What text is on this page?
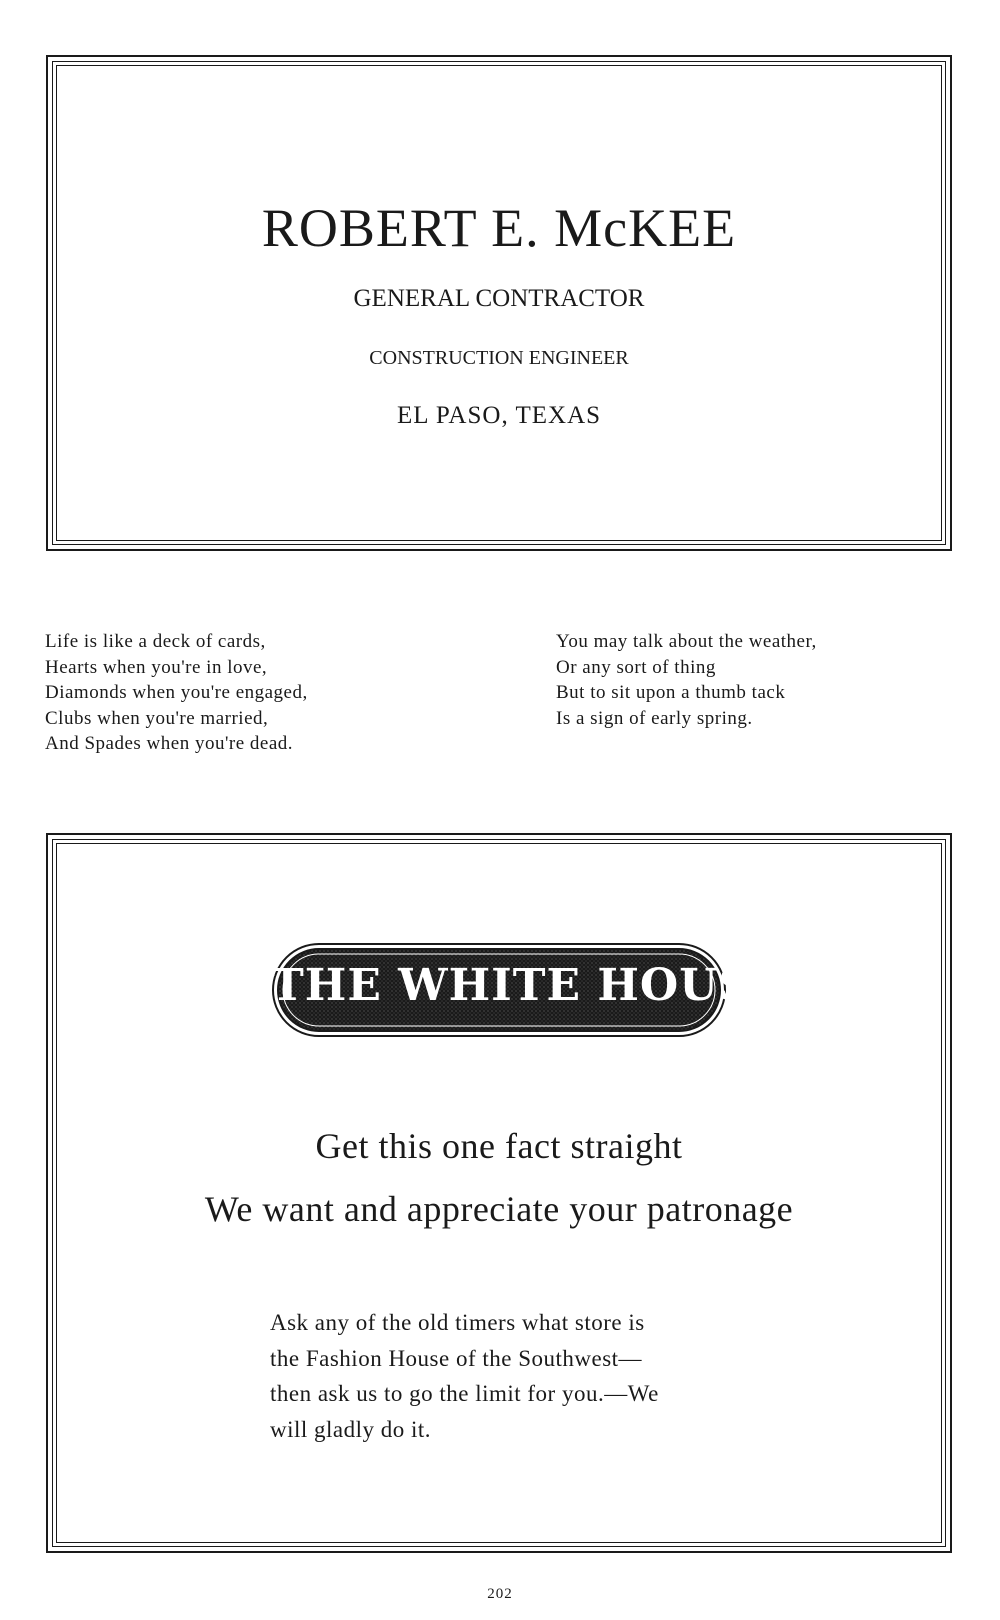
ROBERT E. McKEE
GENERAL CONTRACTOR
CONSTRUCTION ENGINEER
EL PASO, TEXAS
Life is like a deck of cards,
Hearts when you're in love,
Diamonds when you're engaged,
Clubs when you're married,
And Spades when you're dead.
You may talk about the weather,
Or any sort of thing
But to sit upon a thumb tack
Is a sign of early spring.
THE WHITE HOUSE
Get this one fact straight
We want and appreciate your patronage
Ask any of the old timers what store is
the Fashion House of the Southwest—
then ask us to go the limit for you.—We
will gladly do it.
202
